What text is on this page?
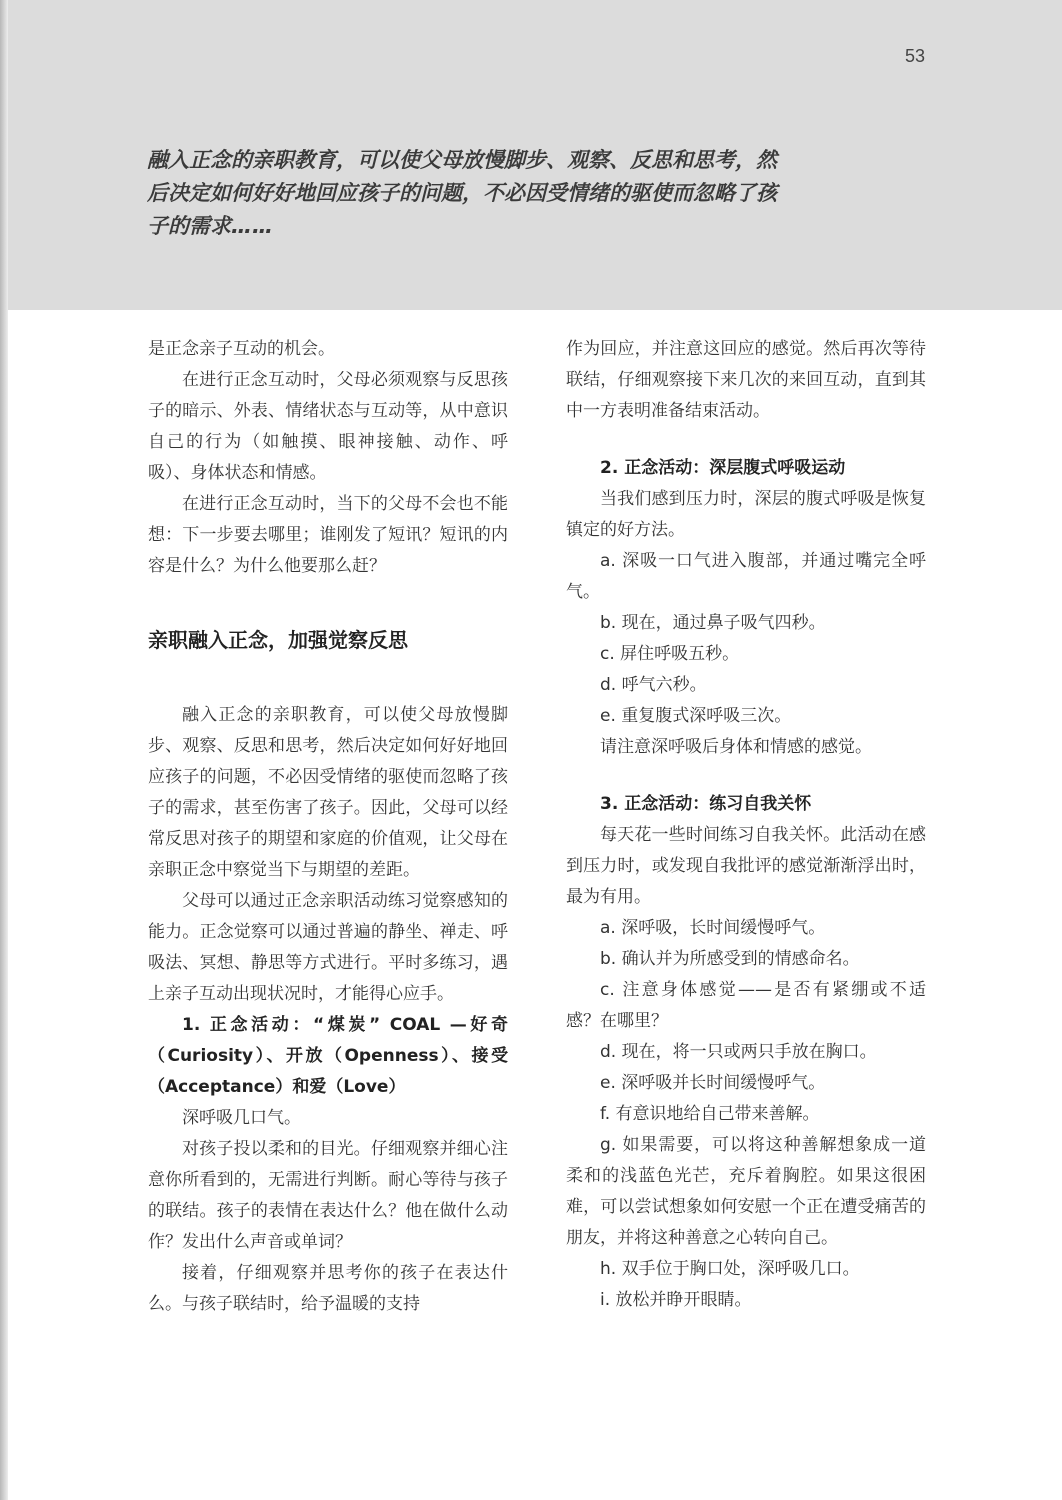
53

融入正念的亲职教育，可以使父母放慢脚步、观察、反思和思考，然后决定如何好好地回应孩子的问题，不必因受情绪的驱使而忽略了孩子的需求……

是正念亲子互动的机会。

在进行正念互动时，父母必须观察与反思孩子的暗示、外表、情绪状态与互动等，从中意识自己的行为（如触摸、眼神接触、动作、呼吸）、身体状态和情感。

在进行正念互动时，当下的父母不会也不能想：下一步要去哪里；谁刚发了短讯？短讯的内容是什么？为什么他要那么赶？

亲职融入正念，加强觉察反思

融入正念的亲职教育，可以使父母放慢脚步、观察、反思和思考，然后决定如何好好地回应孩子的问题，不必因受情绪的驱使而忽略了孩子的需求，甚至伤害了孩子。因此，父母可以经常反思对孩子的期望和家庭的价值观，让父母在亲职正念中察觉当下与期望的差距。

父母可以通过正念亲职活动练习觉察感知的能力。正念觉察可以通过普遍的静坐、禅走、呼吸法、冥想、静思等方式进行。平时多练习，遇上亲子互动出现状况时，才能得心应手。

1. 正念活动：“煤炭” COAL —好奇（Curiosity）、开放（Openness）、接受（Acceptance）和爱（Love）

深呼吸几口气。

对孩子投以柔和的目光。仔细观察并细心注意你所看到的，无需进行判断。耐心等待与孩子的联结。孩子的表情在表达什么？他在做什么动作？发出什么声音或单词？

接着，仔细观察并思考你的孩子在表达什么。与孩子联结时，给予温暖的支持

作为回应，并注意这回应的感觉。然后再次等待联结，仔细观察接下来几次的来回互动，直到其中一方表明准备结束活动。

2. 正念活动：深层腹式呼吸运动

当我们感到压力时，深层的腹式呼吸是恢复镇定的好方法。

a. 深吸一口气进入腹部，并通过嘴完全呼气。

b. 现在，通过鼻子吸气四秒。

c. 屏住呼吸五秒。

d. 呼气六秒。

e. 重复腹式深呼吸三次。

请注意深呼吸后身体和情感的感觉。

3. 正念活动：练习自我关怀

每天花一些时间练习自我关怀。此活动在感到压力时，或发现自我批评的感觉渐渐浮出时，最为有用。

a. 深呼吸，长时间缓慢呼气。

b. 确认并为所感受到的情感命名。

c. 注意身体感觉——是否有紧绷或不适感？在哪里？

d. 现在，将一只或两只手放在胸口。

e. 深呼吸并长时间缓慢呼气。

f. 有意识地给自己带来善解。

g. 如果需要，可以将这种善解想象成一道柔和的浅蓝色光芒，充斥着胸腔。如果这很困难，可以尝试想象如何安慰一个正在遭受痛苦的朋友，并将这种善意之心转向自己。

h. 双手位于胸口处，深呼吸几口。

i. 放松并睁开眼睛。
